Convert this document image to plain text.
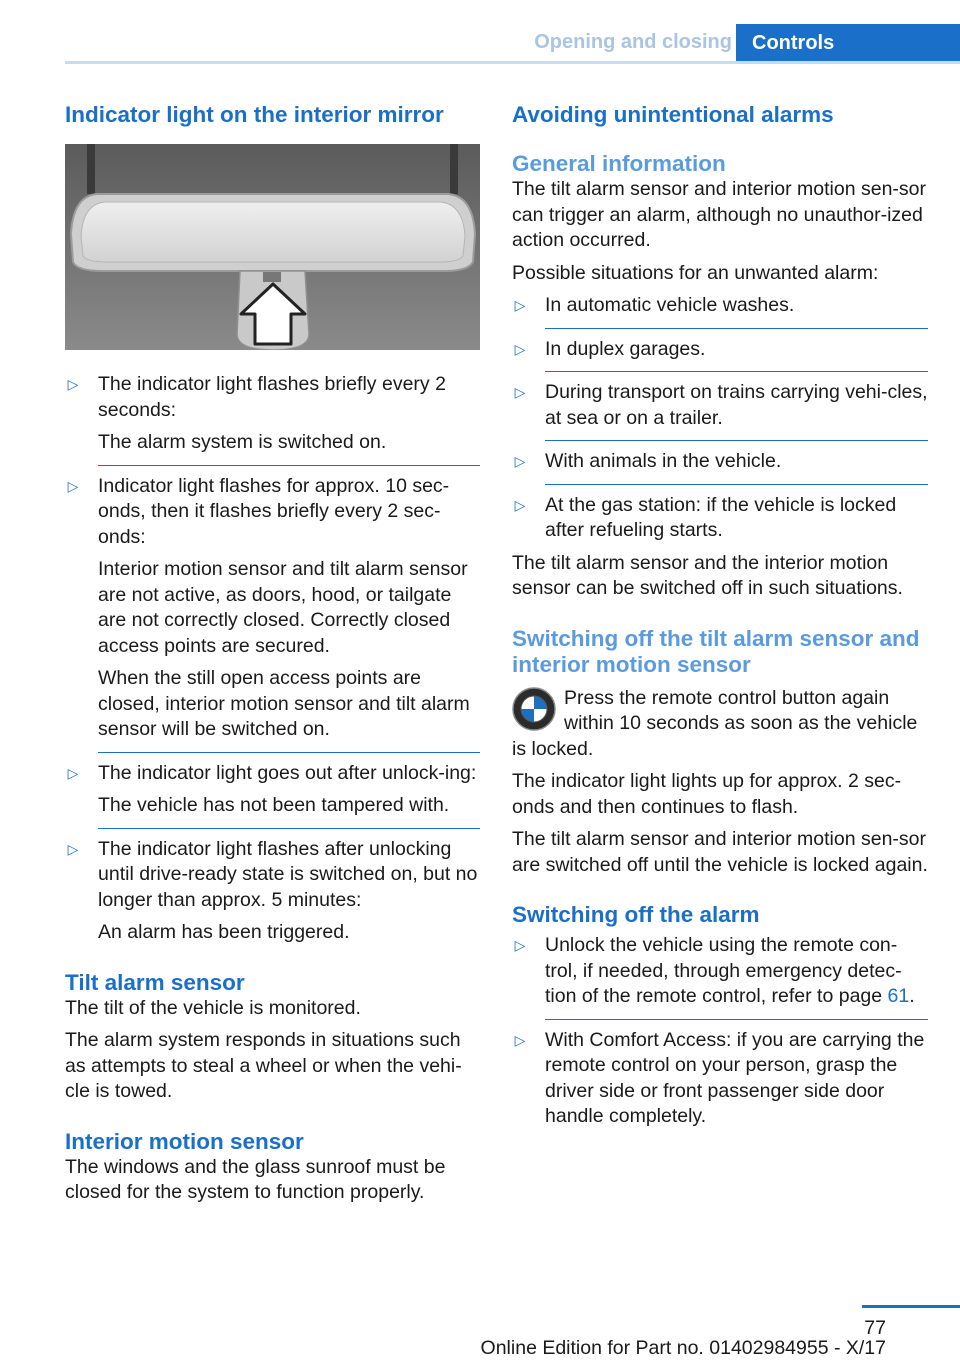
Opening and closing	Controls
Indicator light on the interior mirror
▷ The indicator light flashes briefly every 2 seconds:
The alarm system is switched on.
▷ Indicator light flashes for approx. 10 sec‐onds, then it flashes briefly every 2 sec‐onds:
Interior motion sensor and tilt alarm sensor are not active, as doors, hood, or tailgate are not correctly closed. Correctly closed access points are secured.
When the still open access points are closed, interior motion sensor and tilt alarm sensor will be switched on.
▷ The indicator light goes out after unlock‐ing:
The vehicle has not been tampered with.
▷ The indicator light flashes after unlocking until drive-ready state is switched on, but no longer than approx. 5 minutes:
An alarm has been triggered.
Tilt alarm sensor

The tilt of the vehicle is monitored.

The alarm system responds in situations such as attempts to steal a wheel or when the vehi‐cle is towed.

Interior motion sensor

The windows and the glass sunroof must be closed for the system to function properly.

Avoiding unintentional alarms
General information

The tilt alarm sensor and interior motion sen‐sor can trigger an alarm, although no unauthor‐ized action occurred.

Possible situations for an unwanted alarm:

▷ In automatic vehicle washes.
▷ In duplex garages.
▷ During transport on trains carrying vehi‐cles, at sea or on a trailer.
▷ With animals in the vehicle.
▷ At the gas station: if the vehicle is locked after refueling starts.

The tilt alarm sensor and the interior motion sensor can be switched off in such situations.

Switching off the tilt alarm sensor and interior motion sensor

Press the remote control button again within 10 seconds as soon as the vehicle is locked.

The indicator light lights up for approx. 2 sec‐onds and then continues to flash.

The tilt alarm sensor and interior motion sen‐sor are switched off until the vehicle is locked again.

Switching off the alarm
▷ Unlock the vehicle using the remote con‐trol, if needed, through emergency detec‐tion of the remote control, refer to page 61.
▷ With Comfort Access: if you are carrying the remote control on your person, grasp the driver side or front passenger side door handle completely.
77
Online Edition for Part no. 01402984955 - X/17
